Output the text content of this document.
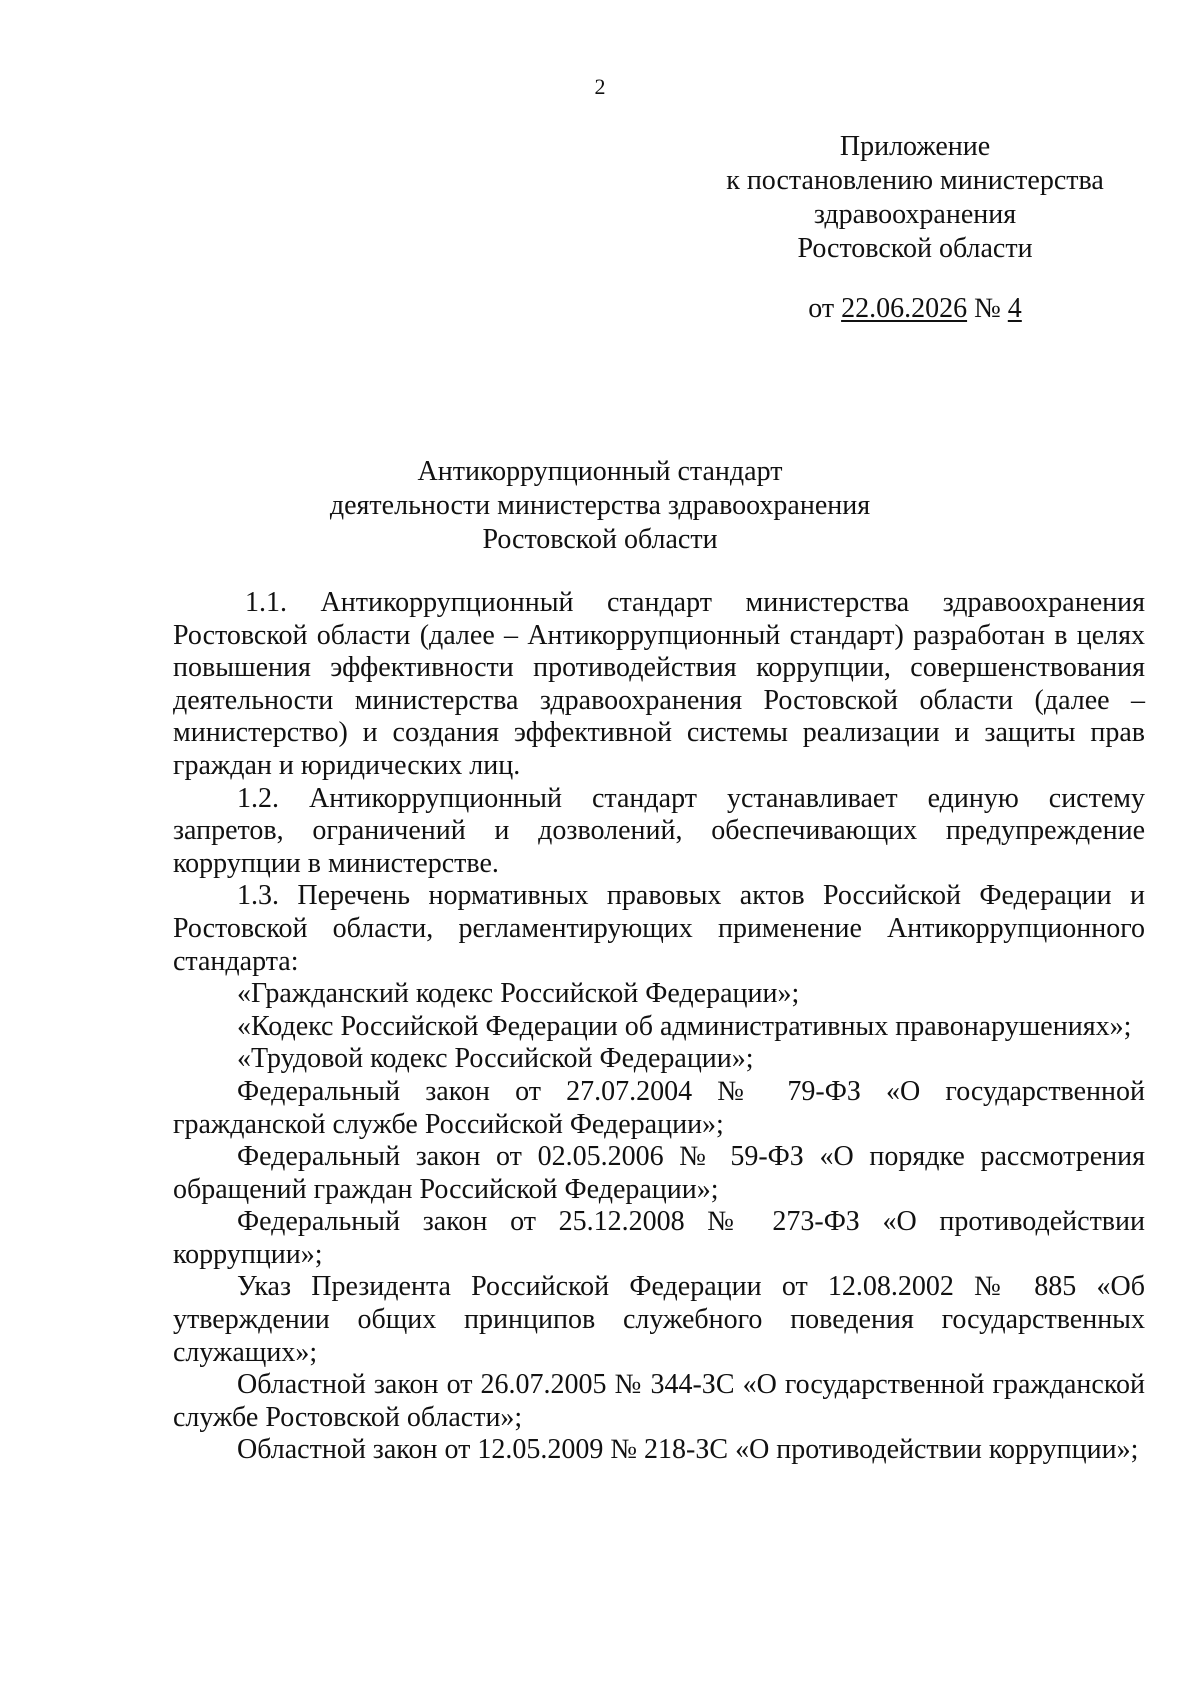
2
Приложение
к постановлению министерства
здравоохранения
Ростовской области
от 22.06.2026 № 4
Антикоррупционный стандарт
деятельности министерства здравоохранения
Ростовской области

1.1. Антикоррупционный стандарт министерства здравоохранения Ростовской области (далее – Антикоррупционный стандарт) разработан в целях повышения эффективности противодействия коррупции, совершенствования деятельности министерства здравоохранения Ростовской области (далее – министерство) и создания эффективной системы реализации и защиты прав граждан и юридических лиц.

1.2. Антикоррупционный стандарт устанавливает единую систему запретов, ограничений и дозволений, обеспечивающих предупреждение коррупции в министерстве.

1.3. Перечень нормативных правовых актов Российской Федерации и Ростовской области, регламентирующих применение Антикоррупционного стандарта:

«Гражданский кодекс Российской Федерации»;

«Кодекс Российской Федерации об административных правонарушениях»;

«Трудовой кодекс Российской Федерации»;

Федеральный закон от 27.07.2004 № 79-ФЗ «О государственной гражданской службе Российской Федерации»;

Федеральный закон от 02.05.2006 № 59-ФЗ «О порядке рассмотрения обращений граждан Российской Федерации»;

Федеральный закон от 25.12.2008 № 273-ФЗ «О противодействии коррупции»;

Указ Президента Российской Федерации от 12.08.2002 № 885 «Об утверждении общих принципов служебного поведения государственных служащих»;

Областной закон от 26.07.2005 № 344-ЗС «О государственной гражданской службе Ростовской области»;

Областной закон от 12.05.2009 № 218-ЗС «О противодействии коррупции»;
